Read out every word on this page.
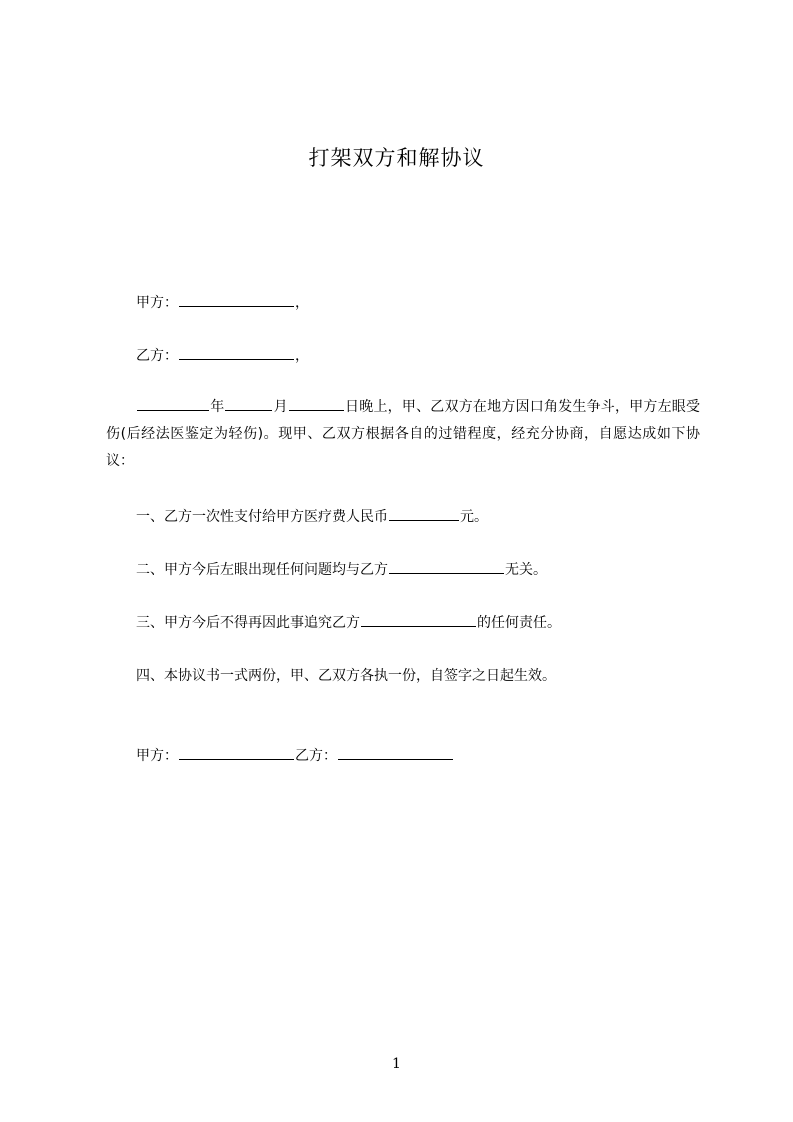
打架双方和解协议
甲方：	，
乙方：	，
年	月	日晚上，甲、乙双方在地方因口角发生争斗，甲方左眼受伤(后经法医鉴定为轻伤)。现甲、乙双方根据各自的过错程度，经充分协商，自愿达成如下协议：
一、乙方一次性支付给甲方医疗费人民币	元。
二、甲方今后左眼出现任何问题均与乙方	无关。
三、甲方今后不得再因此事追究乙方	的任何责任。
四、本协议书一式两份，甲、乙双方各执一份，自签字之日起生效。
甲方：	乙方：
1
